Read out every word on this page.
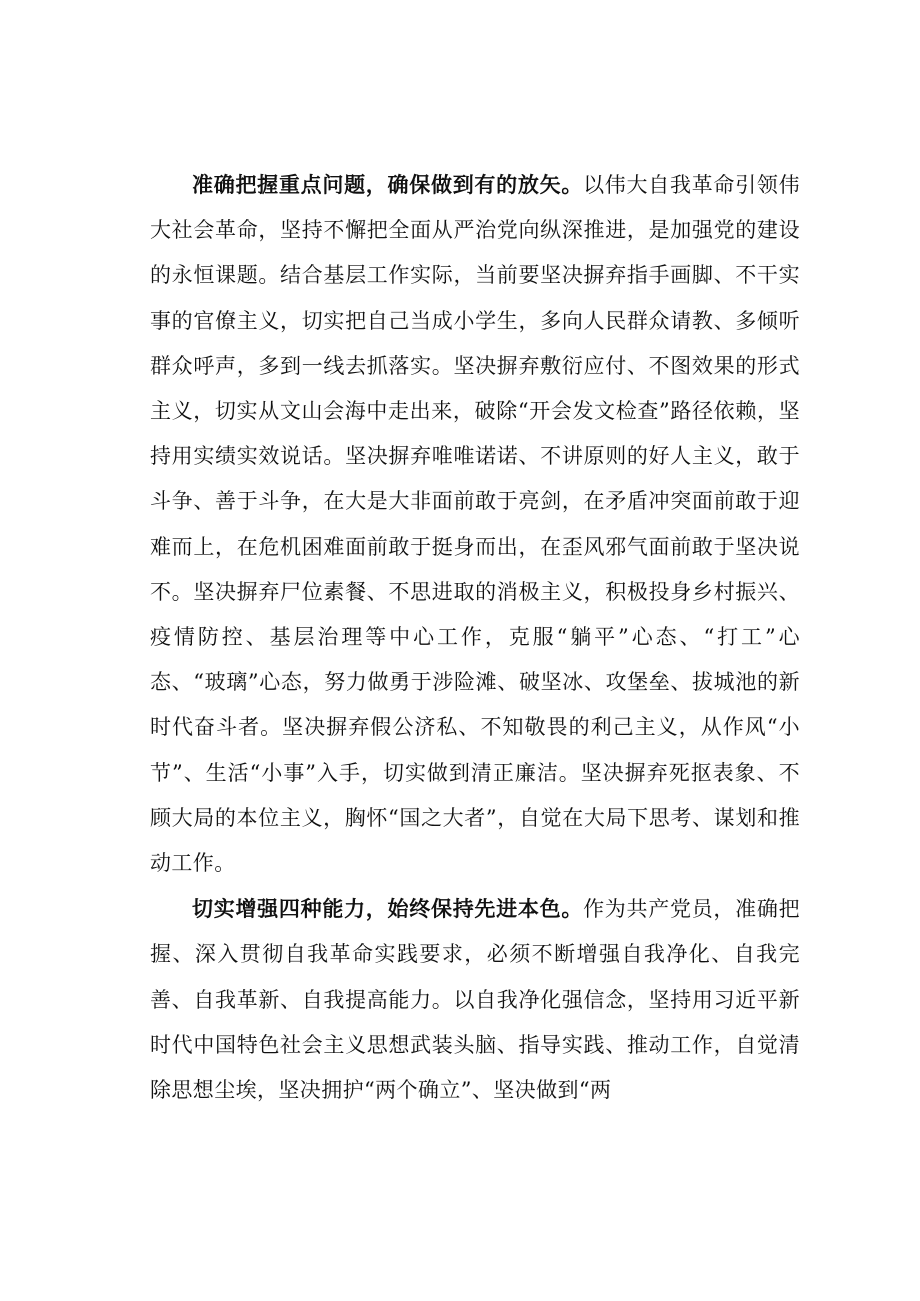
准确把握重点问题，确保做到有的放矢。以伟大自我革命引领伟大社会革命，坚持不懈把全面从严治党向纵深推进，是加强党的建设的永恒课题。结合基层工作实际，当前要坚决摒弃指手画脚、不干实事的官僚主义，切实把自己当成小学生，多向人民群众请教、多倾听群众呼声，多到一线去抓落实。坚决摒弃敷衍应付、不图效果的形式主义，切实从文山会海中走出来，破除“开会发文检查”路径依赖，坚持用实绩实效说话。坚决摒弃唯唯诺诺、不讲原则的好人主义，敢于斗争、善于斗争，在大是大非面前敢于亮剑，在矛盾冲突面前敢于迎难而上，在危机困难面前敢于挺身而出，在歪风邪气面前敢于坚决说不。坚决摒弃尸位素餐、不思进取的消极主义，积极投身乡村振兴、疫情防控、基层治理等中心工作，克服“躺平”心态、“打工”心态、“玻璃”心态，努力做勇于涉险滩、破坚冰、攻堡垒、拔城池的新时代奋斗者。坚决摒弃假公济私、不知敬畏的利己主义，从作风“小节”、生活“小事”入手，切实做到清正廉洁。坚决摒弃死抠表象、不顾大局的本位主义，胸怀“国之大者”，自觉在大局下思考、谋划和推动工作。

切实增强四种能力，始终保持先进本色。作为共产党员，准确把握、深入贯彻自我革命实践要求，必须不断增强自我净化、自我完善、自我革新、自我提高能力。以自我净化强信念，坚持用习近平新时代中国特色社会主义思想武装头脑、指导实践、推动工作，自觉清除思想尘埃，坚决拥护“两个确立”、坚决做到“两
